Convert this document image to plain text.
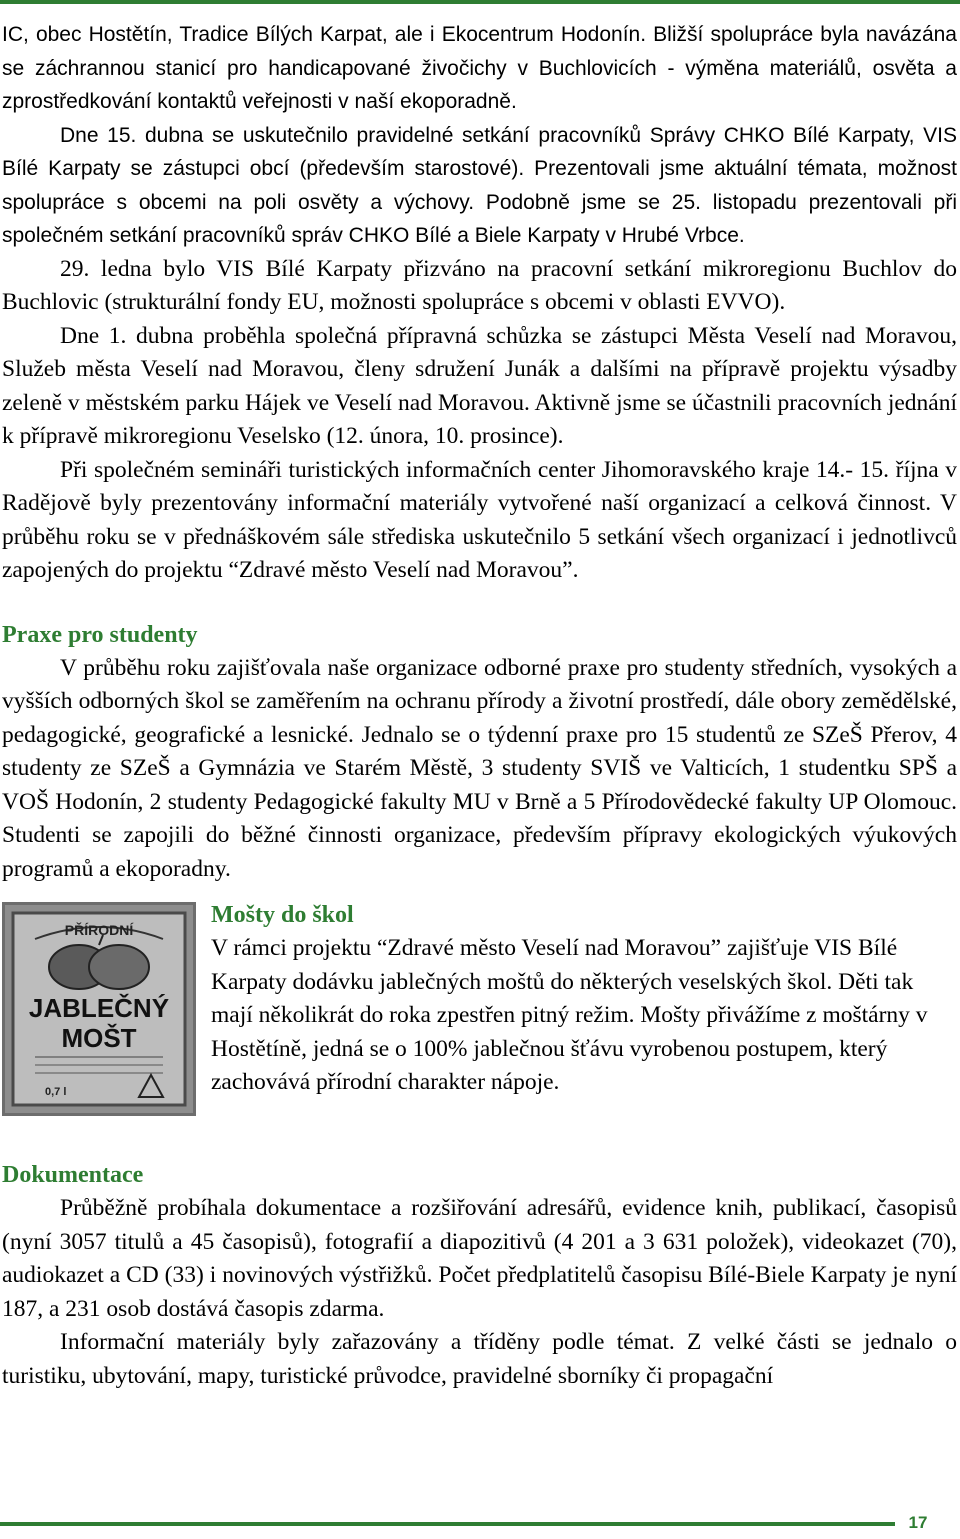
IC, obec Hostětín, Tradice Bílých Karpat, ale i Ekocentrum Hodonín. Bližší spolupráce byla navázána se záchrannou stanicí pro handicapované živočichy v Buchlovicích - výměna materiálů, osvěta a zprostředkování kontaktů veřejnosti v naší ekoporadně.

Dne 15. dubna se uskutečnilo pravidelné setkání pracovníků Správy CHKO Bílé Karpaty, VIS Bílé Karpaty se zástupci obcí (především starostové). Prezentovali jsme aktuální témata, možnost spolupráce s obcemi na poli osvěty a výchovy. Podobně jsme se 25. listopadu prezentovali při společném setkání pracovníků správ CHKO Bílé a Biele Karpaty v Hrubé Vrbce.

29. ledna bylo VIS Bílé Karpaty přizváno na pracovní setkání mikroregionu Buchlov do Buchlovic (strukturální fondy EU, možnosti spolupráce s obcemi v oblasti EVVO).

Dne 1. dubna proběhla společná přípravná schůzka se zástupci Města Veselí nad Moravou, Služeb města Veselí nad Moravou, členy sdružení Junák a dalšími na přípravě projektu výsadby zeleně v městském parku Hájek ve Veselí nad Moravou. Aktivně jsme se účastnili pracovních jednání k přípravě mikroregionu Veselsko (12. února, 10. prosince).

Při společném semináři turistických informačních center Jihomoravského kraje 14.- 15. října v Radějově byly prezentovány informační materiály vytvořené naší organizací a celková činnost. V průběhu roku se v přednáškovém sále střediska uskutečnilo 5 setkání všech organizací i jednotlivců zapojených do projektu “Zdravé město Veselí nad Moravou”.

Praxe pro studenty

V průběhu roku zajišťovala naše organizace odborné praxe pro studenty středních, vysokých a vyšších odborných škol se zaměřením na ochranu přírody a životní prostředí, dále obory zemědělské, pedagogické, geografické a lesnické. Jednalo se o týdenní praxe pro 15 studentů ze SZeŠ Přerov, 4 studenty ze SZeŠ a Gymnázia ve Starém Městě, 3 studenty SVIŠ ve Valticích, 1 studentku SPŠ a VOŠ Hodonín, 2 studenty Pedagogické fakulty MU v Brně a 5 Přírodovědecké fakulty UP Olomouc. Studenti se zapojili do běžné činnosti organizace, především přípravy ekologických výukových programů a ekoporadny.

PŘÍRODNÍ
JABLEČNÝ
MOŠT
0,7 l
Mošty do škol

V rámci projektu “Zdravé město Veselí nad Moravou” zajišťuje VIS Bílé Karpaty dodávku jablečných moštů do některých veselských škol. Děti tak mají několikrát do roka zpestřen pitný režim. Mošty přivážíme z moštárny v Hostětíně, jedná se o 100% jablečnou šťávu vyrobenou postupem, který zachovává přírodní charakter nápoje.

Dokumentace

Průběžně probíhala dokumentace a rozšiřování adresářů, evidence knih, publikací, časopisů (nyní 3057 titulů a 45 časopisů), fotografií a diapozitivů (4 201 a 3 631 položek), videokazet (70), audiokazet a CD (33) i novinových výstřižků. Počet předplatitelů časopisu Bílé-Biele Karpaty je nyní 187, a 231 osob dostává časopis zdarma.

Informační materiály byly zařazovány a tříděny podle témat. Z velké části se jednalo o turistiku, ubytování, mapy, turistické průvodce, pravidelné sborníky či propagační

17
